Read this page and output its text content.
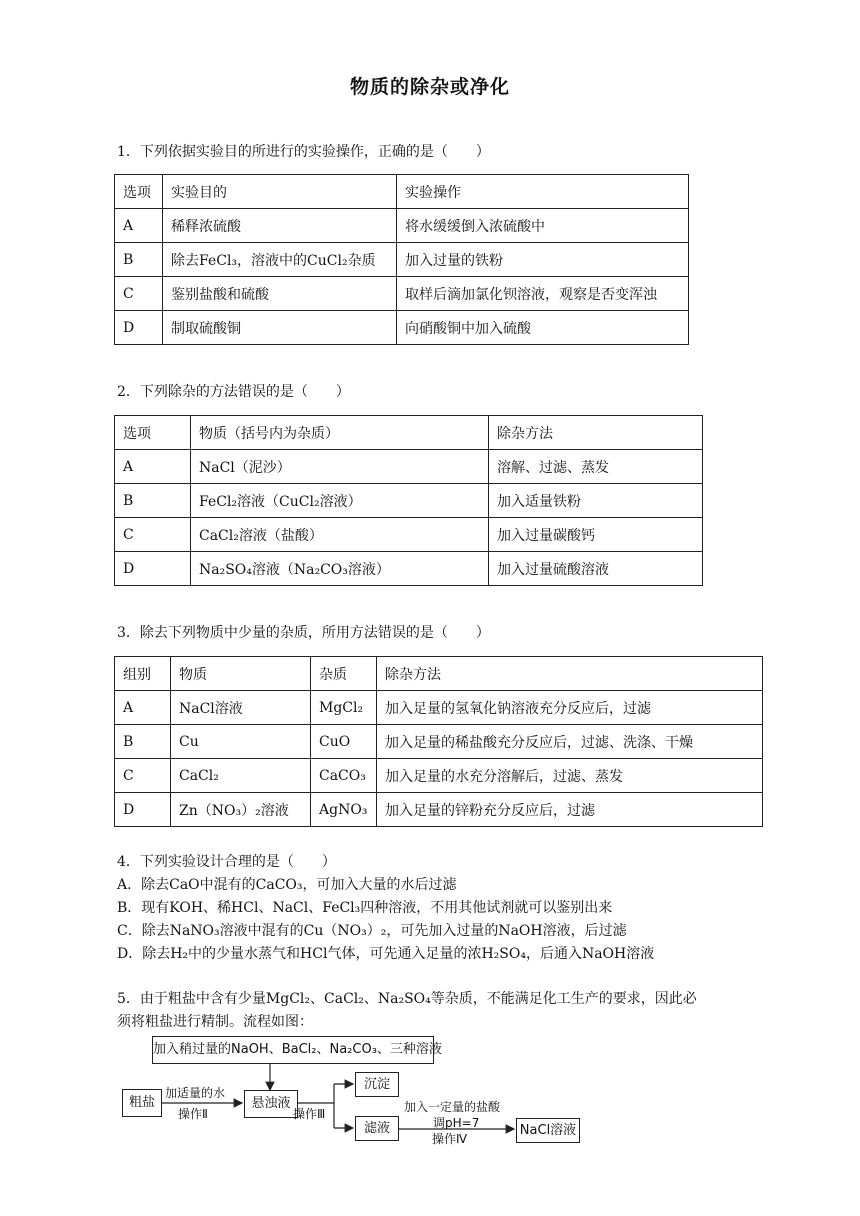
物质的除杂或净化
1．下列依据实验目的所进行的实验操作，正确的是（　　）
选项	实验目的	实验操作
A	稀释浓硫酸	将水缓缓倒入浓硫酸中
B	除去FeCl₃，溶液中的CuCl₂杂质	加入过量的铁粉
C	鉴别盐酸和硫酸	取样后滴加氯化钡溶液，观察是否变浑浊
D	制取硫酸铜	向硝酸铜中加入硫酸
2．下列除杂的方法错误的是（　　）
选项	物质（括号内为杂质）	除杂方法
A	NaCl（泥沙）	溶解、过滤、蒸发
B	FeCl₂溶液（CuCl₂溶液）	加入适量铁粉
C	CaCl₂溶液（盐酸）	加入过量碳酸钙
D	Na₂SO₄溶液（Na₂CO₃溶液）	加入过量硫酸溶液
3．除去下列物质中少量的杂质，所用方法错误的是（　　）
组别	物质	杂质	除杂方法
A	NaCl溶液	MgCl₂	加入足量的氢氧化钠溶液充分反应后，过滤
B	Cu	CuO	加入足量的稀盐酸充分反应后，过滤、洗涤、干燥
C	CaCl₂	CaCO₃	加入足量的水充分溶解后，过滤、蒸发
D	Zn（NO₃）₂溶液	AgNO₃	加入足量的锌粉充分反应后，过滤
4．下列实验设计合理的是（　　）
A．除去CaO中混有的CaCO₃，可加入大量的水后过滤
B．现有KOH、稀HCl、NaCl、FeCl₃四种溶液，不用其他试剂就可以鉴别出来
C．除去NaNO₃溶液中混有的Cu（NO₃）₂，可先加入过量的NaOH溶液，后过滤
D．除去H₂中的少量水蒸气和HCl气体，可先通入足量的浓H₂SO₄，后通入NaOH溶液
5．由于粗盐中含有少量MgCl₂、CaCl₂、Na₂SO₄等杂质，不能满足化工生产的要求，因此必
须将粗盐进行精制。流程如图：
加入稍过量的NaOH、BaCl₂、Na₂CO₃、三种溶液
粗盐
加适量的水
操作Ⅱ
悬浊液
操作Ⅲ
沉淀
滤液
加入一定量的盐酸
调pH=7
操作Ⅳ
NaCl溶液
